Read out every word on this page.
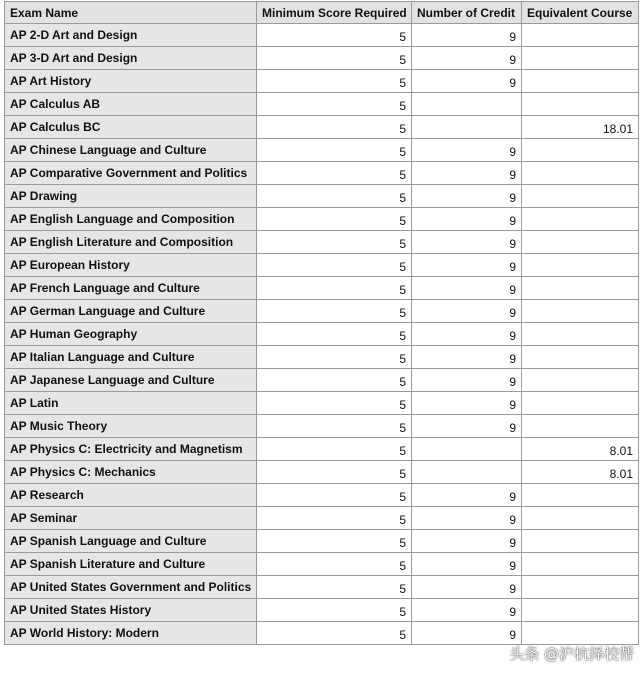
Exam Name	Minimum Score Required	Number of Credit	Equivalent Course
AP 2-D Art and Design	5	9	
AP 3-D Art and Design	5	9	
AP Art History	5	9	
AP Calculus AB	5		
AP Calculus BC	5		18.01
AP Chinese Language and Culture	5	9	
AP Comparative Government and Politics	5	9	
AP Drawing	5	9	
AP English Language and Composition	5	9	
AP English Literature and Composition	5	9	
AP European History	5	9	
AP French Language and Culture	5	9	
AP German Language and Culture	5	9	
AP Human Geography	5	9	
AP Italian Language and Culture	5	9	
AP Japanese Language and Culture	5	9	
AP Latin	5	9	
AP Music Theory	5	9	
AP Physics C: Electricity and Magnetism	5		8.01
AP Physics C: Mechanics	5		8.01
AP Research	5	9	
AP Seminar	5	9	
AP Spanish Language and Culture	5	9	
AP Spanish Literature and Culture	5	9	
AP United States Government and Politics	5	9	
AP United States History	5	9	
AP World History: Modern	5	9	
头条 @沪杭择校帮
